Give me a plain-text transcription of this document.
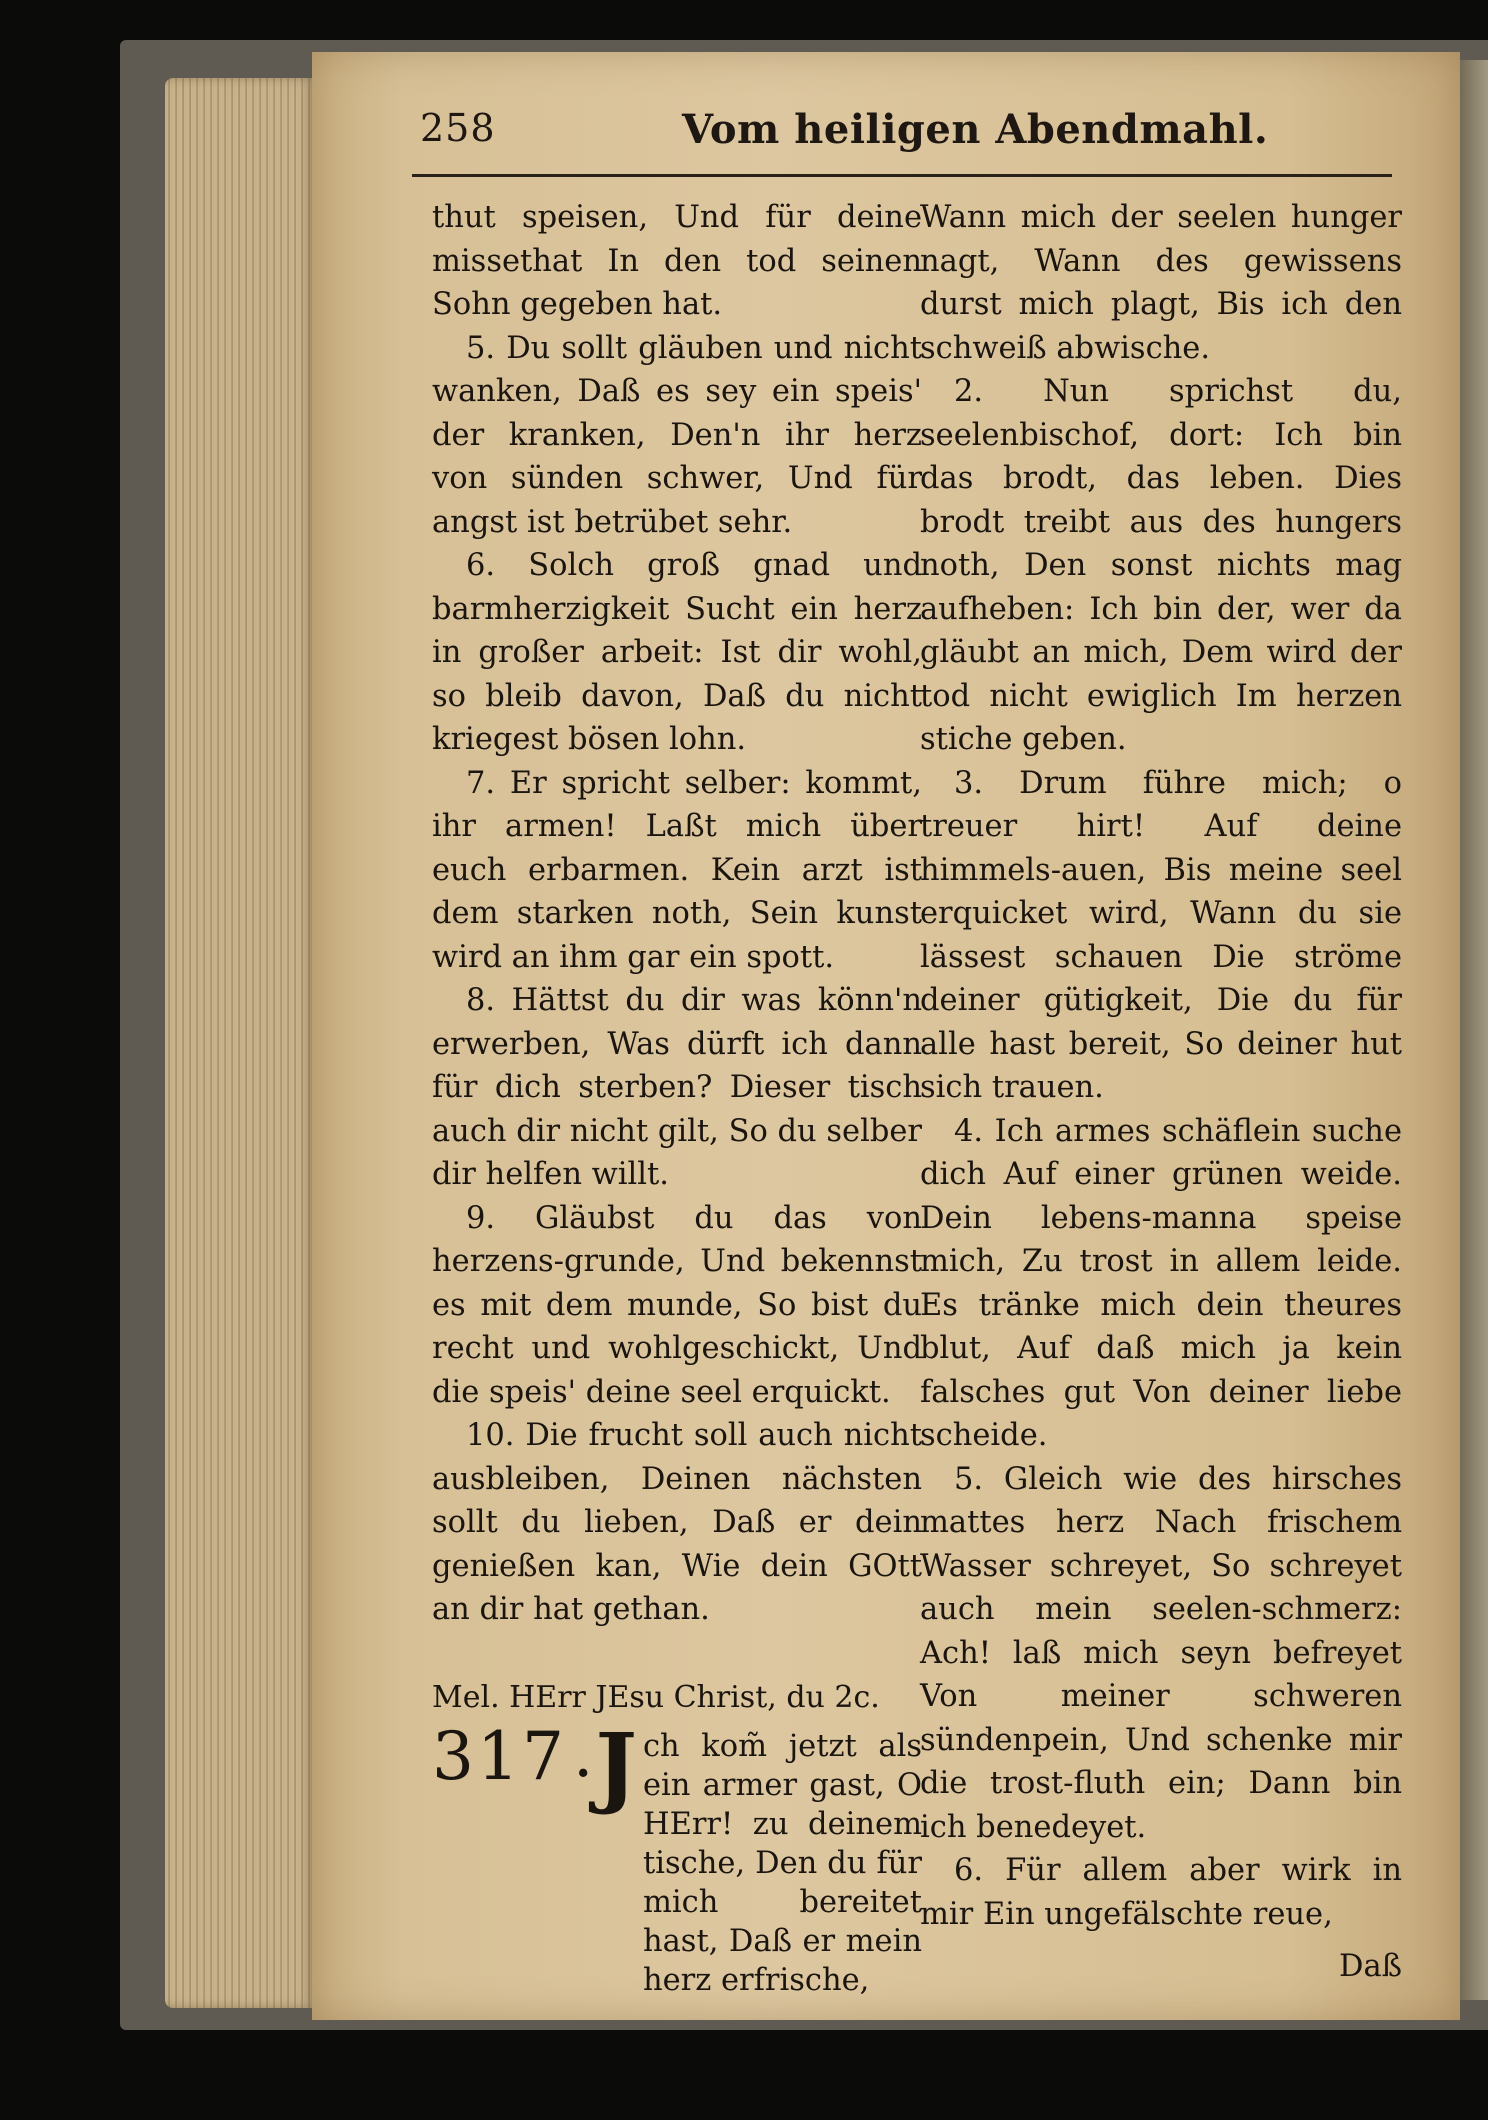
258	Vom heiligen Abendmahl.

thut speisen, Und für deine missethat In den tod seinen Sohn gegeben hat.

5. Du sollt gläuben und nicht wanken, Daß es sey ein speis' der kranken, Den'n ihr herz von sünden schwer, Und für angst ist betrübet sehr.

6. Solch groß gnad und barmherzigkeit Sucht ein herz in großer arbeit: Ist dir wohl, so bleib davon, Daß du nicht kriegest bösen lohn.

7. Er spricht selber: kommt, ihr armen! Laßt mich über euch erbarmen. Kein arzt ist dem starken noth, Sein kunst wird an ihm gar ein spott.

8. Hättst du dir was könn'n erwerben, Was dürft ich dann für dich sterben? Dieser tisch auch dir nicht gilt, So du selber dir helfen willt.

9. Gläubst du das von herzens-grunde, Und bekennst es mit dem munde, So bist du recht und wohlgeschickt, Und die speis' deine seel erquickt.

10. Die frucht soll auch nicht ausbleiben, Deinen nächsten sollt du lieben, Daß er dein genießen kan, Wie dein GOtt an dir hat gethan.

Mel. HErr JEsu Christ, du 2c.

317 . J ch kom̃ jetzt als ein armer gast, O HErr! zu deinem tische, Den du für mich bereitet hast, Daß er mein herz erfrische,

Wann mich der seelen hunger nagt, Wann des gewissens durst mich plagt, Bis ich den schweiß abwische.

2. Nun sprichst du, seelenbischof, dort: Ich bin das brodt, das leben. Dies brodt treibt aus des hungers noth, Den sonst nichts mag aufheben: Ich bin der, wer da gläubt an mich, Dem wird der tod nicht ewiglich Im herzen stiche geben.

3. Drum führe mich; o treuer hirt! Auf deine himmels-auen, Bis meine seel erquicket wird, Wann du sie lässest schauen Die ströme deiner gütigkeit, Die du für alle hast bereit, So deiner hut sich trauen.

4. Ich armes schäflein suche dich Auf einer grünen weide. Dein lebens-manna speise mich, Zu trost in allem leide. Es tränke mich dein theures blut, Auf daß mich ja kein falsches gut Von deiner liebe scheide.

5. Gleich wie des hirsches mattes herz Nach frischem Wasser schreyet, So schreyet auch mein seelen-schmerz: Ach! laß mich seyn befreyet Von meiner schweren sündenpein, Und schenke mir die trost-fluth ein; Dann bin ich benedeyet.

6. Für allem aber wirk in mir Ein ungefälschte reue,

Daß
